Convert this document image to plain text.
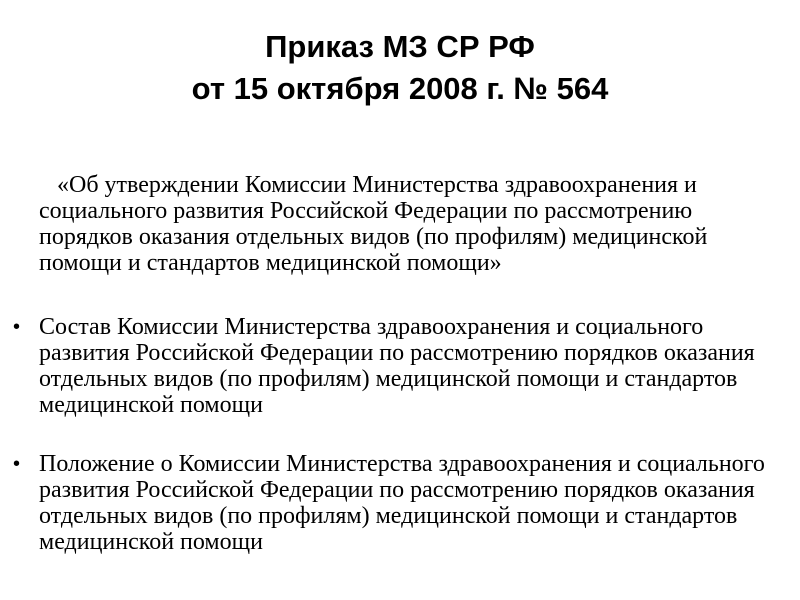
Приказ МЗ СР РФ
от 15 октября 2008 г. № 564
«Об утверждении Комиссии Министерства здравоохранения и социального развития Российской Федерации по рассмотрению порядков оказания отдельных видов (по профилям) медицинской помощи и стандартов медицинской помощи»
• Состав Комиссии Министерства здравоохранения и социального развития Российской Федерации по рассмотрению порядков оказания отдельных видов (по профилям) медицинской помощи и стандартов медицинской помощи
• Положение о Комиссии Министерства здравоохранения и социального развития Российской Федерации по рассмотрению порядков оказания отдельных видов (по профилям) медицинской помощи и стандартов медицинской помощи
